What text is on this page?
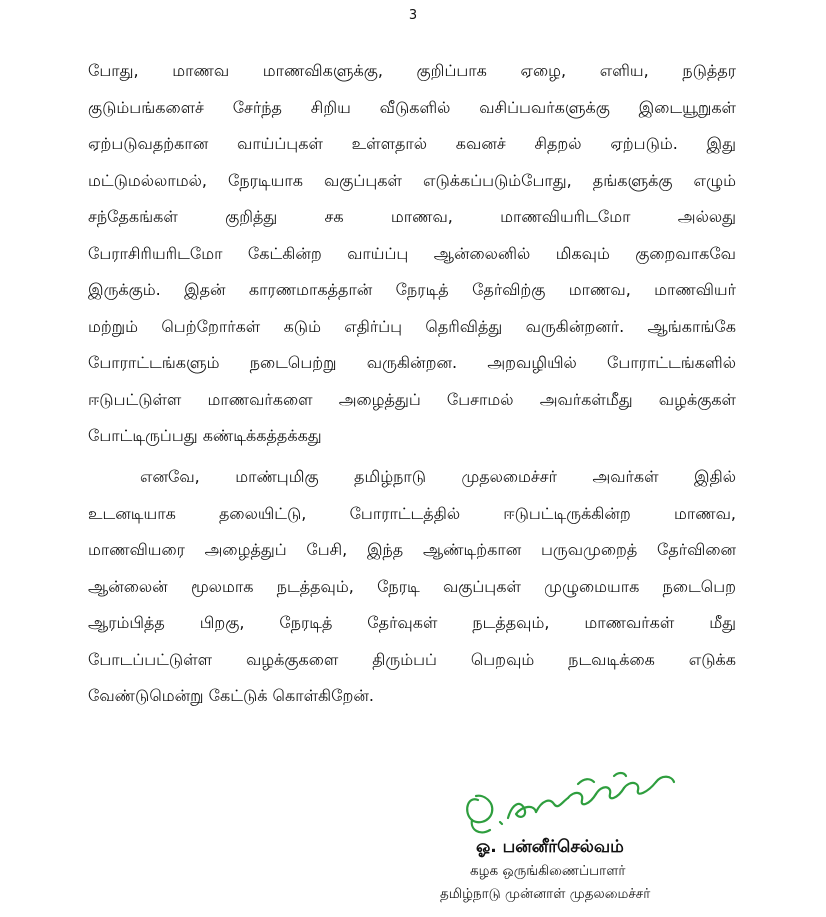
3
போது, மாணவ மாணவிகளுக்கு, குறிப்பாக ஏழை, எளிய, நடுத்தர
குடும்பங்களைச் சேர்ந்த சிறிய வீடுகளில் வசிப்பவர்களுக்கு இடையூறுகள்
ஏற்படுவதற்கான வாய்ப்புகள் உள்ளதால் கவனச் சிதறல் ஏற்படும். இது
மட்டுமல்லாமல், நேரடியாக வகுப்புகள் எடுக்கப்படும்போது, தங்களுக்கு எழும்
சந்தேகங்கள் குறித்து சக மாணவ, மாணவியரிடமோ அல்லது
பேராசிரியரிடமோ கேட்கின்ற வாய்ப்பு ஆன்லைனில் மிகவும் குறைவாகவே
இருக்கும். இதன் காரணமாகத்தான் நேரடித் தேர்விற்கு மாணவ, மாணவியர்
மற்றும் பெற்றோர்கள் கடும் எதிர்ப்பு தெரிவித்து வருகின்றனர். ஆங்காங்கே
போராட்டங்களும் நடைபெற்று வருகின்றன. அறவழியில் போராட்டங்களில்
ஈடுபட்டுள்ள மாணவர்களை அழைத்துப் பேசாமல் அவர்கள்மீது வழக்குகள்
போட்டிருப்பது கண்டிக்கத்தக்கது
எனவே, மாண்புமிகு தமிழ்நாடு முதலமைச்சர் அவர்கள் இதில்
உடனடியாக தலையிட்டு, போராட்டத்தில் ஈடுபட்டிருக்கின்ற மாணவ,
மாணவியரை அழைத்துப் பேசி, இந்த ஆண்டிற்கான பருவமுறைத் தேர்வினை
ஆன்லைன் மூலமாக நடத்தவும், நேரடி வகுப்புகள் முழுமையாக நடைபெற
ஆரம்பித்த பிறகு, நேரடித் தேர்வுகள் நடத்தவும், மாணவர்கள் மீது
போடப்பட்டுள்ள வழக்குகளை திரும்பப் பெறவும் நடவடிக்கை எடுக்க
வேண்டுமென்று கேட்டுக் கொள்கிறேன்.
ஓ. பன்னீர்செல்வம்
கழக ஒருங்கிணைப்பாளர்
தமிழ்நாடு முன்னாள் முதலமைச்சர்
